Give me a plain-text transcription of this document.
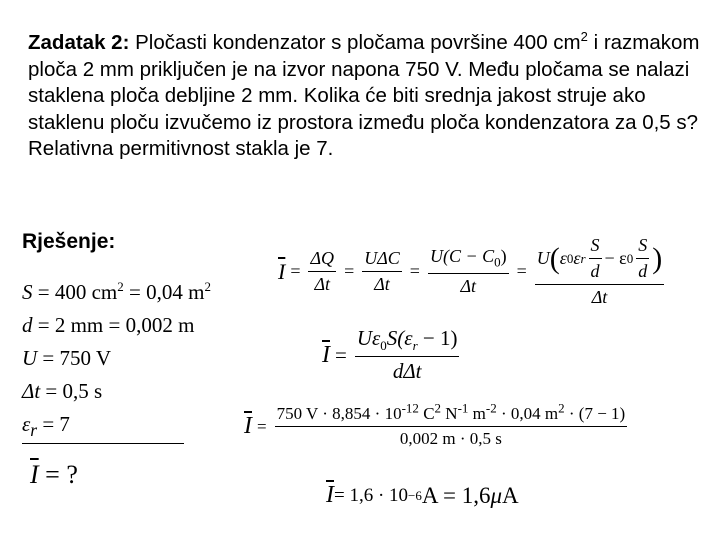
Zadatak 2: Pločasti kondenzator s pločama površine 400 $cm^2$ i razmakom ploča 2 mm priključen je na izvor napona 750 V. Među pločama se nalazi staklena ploča debljine 2 mm. Kolika će biti srednja jakost struje ako staklenu ploču izvučemo iz prostora između ploča kondenzatora za 0,5 s? Relativna permitivnost stakla je 7.
Rješenje:
S = 400 $cm^2 = 0,04$ $m^2$
d = 2 mm = 0,002 m
U = 750 V
Δt = 0,5 s
$\varepsilon_r = 7$
$\overline{I}$ = ?
$\overline{I} = \frac{\Delta Q}{\Delta t} = \frac{\text{UΔC}}{\Delta t} = \frac{U(C - C_0)}{\Delta t} = \frac{U ( \varepsilon 0 \varepsilon r \frac{S}{d} - \varepsilon 0 \frac{S}{d} )}{\Delta t}$
$\overline{I} = \frac{U\varepsilon_0S(\varepsilon_r - 1)}{\text{dΔt}}$
$\overline{I} = \frac{750 V \cdot 8,854 \cdot 10^{-12} C^2 N^{-1} m^{-2} \cdot 0,04 m^2 \cdot (7 - 1)}{0,002 m \cdot 0,5 s}$
$\overline{I} = 1,6 \cdot 10 -6$ A = 1,6 μ A
